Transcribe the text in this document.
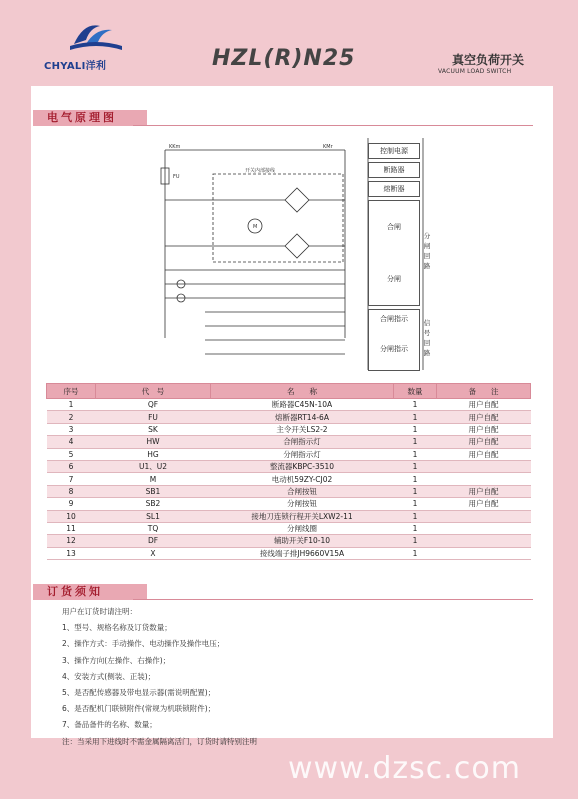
CHYALI洋利	HZL(R)N25	真空负荷开关
VACUUM LOAD SWITCH
电气原理图
KKm	KMr
FU
开关内部接线
M
控制电源
断路器
熔断器
合闸
分闸
分闸回路
合闸指示
分闸指示
信号回路
序号	代　号	名　　称	数量	备　　注
1	QF	断路器C45N-10A	1	用户自配
2	FU	熔断器RT14-6A	1	用户自配
3	SK	主令开关LS2-2	1	用户自配
4	HW	合闸指示灯	1	用户自配
5	HG	分闸指示灯	1	用户自配
6	U1、U2	整流器KBPC-3510	1	
7	M	电动机59ZY-CJ02	1	
8	SB1	合闸按钮	1	用户自配
9	SB2	分闸按钮	1	用户自配
10	SL1	接地刀连锁行程开关LXW2-11	1	
11	TQ	分闸线圈	1	
12	DF	辅助开关F10-10	1	
13	X	接线端子排JH9660V15A	1	
订货须知
用户在订货时请注明：
1、型号、规格名称及订货数量；
2、操作方式：手动操作、电动操作及操作电压；
3、操作方向(左操作、右操作)；
4、安装方式(侧装、正装)；
5、是否配传感器及带电显示器(需说明配置)；
6、是否配机门联锁附件(常规为机联锁附件)；
7、备品备件的名称、数量；
注：当采用下进线时不需金属隔离活门，订货时请特别注明
www.dzsc.com
